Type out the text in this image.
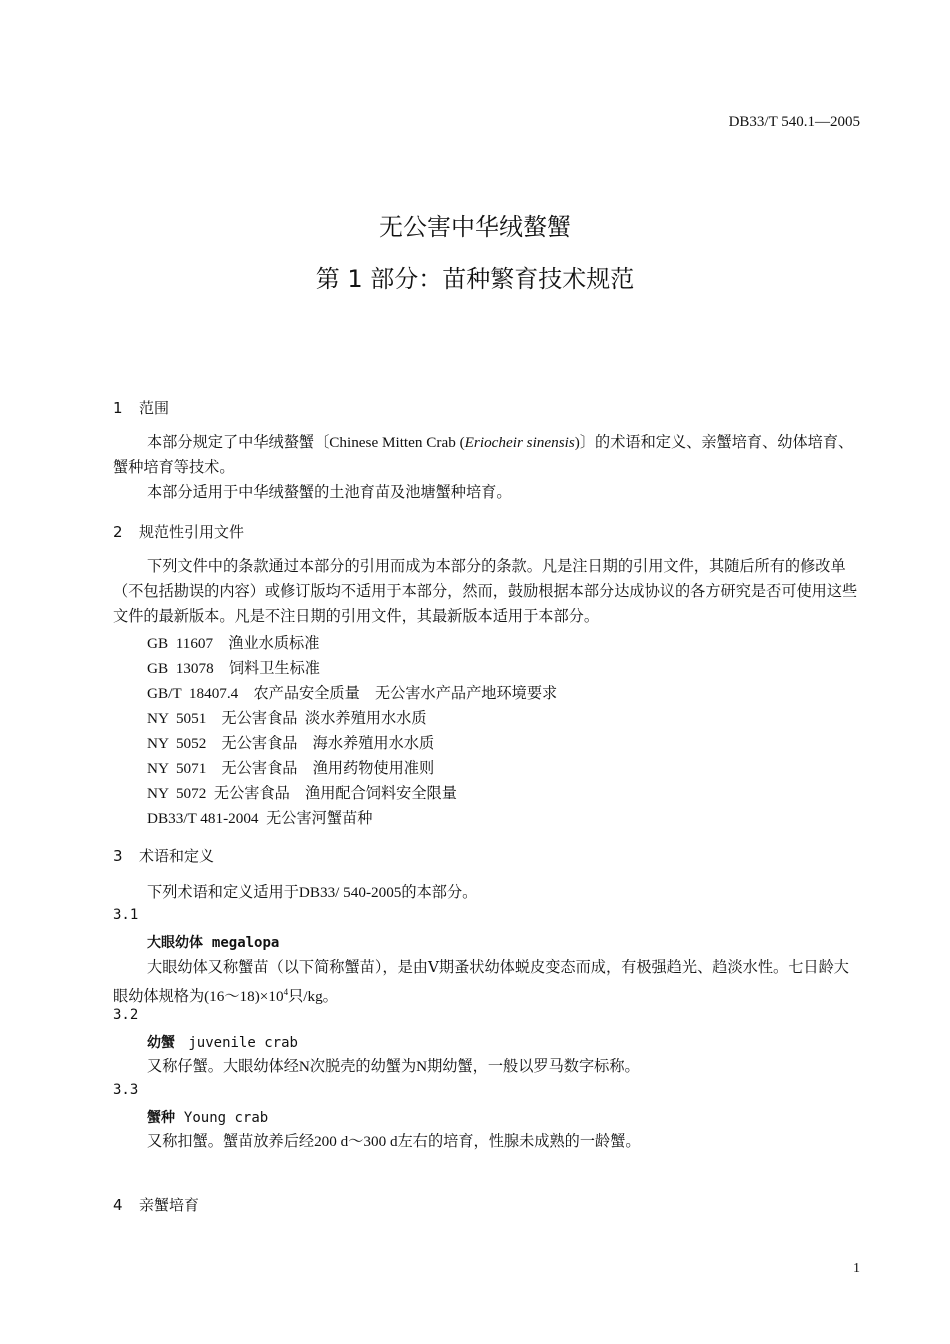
DB33/T 540.1—2005
无公害中华绒螯蟹
第 1 部分：苗种繁育技术规范
1 范围
本部分规定了中华绒螯蟹〔Chinese Mitten Crab (Eriocheir sinensis)〕的术语和定义、亲蟹培育、幼体培育、蟹种培育等技术。
本部分适用于中华绒螯蟹的土池育苗及池塘蟹种培育。
2 规范性引用文件
下列文件中的条款通过本部分的引用而成为本部分的条款。凡是注日期的引用文件，其随后所有的修改单（不包括勘误的内容）或修订版均不适用于本部分，然而，鼓励根据本部分达成协议的各方研究是否可使用这些文件的最新版本。凡是不注日期的引用文件，其最新版本适用于本部分。
GB  11607    渔业水质标准
GB  13078    饲料卫生标准
GB/T  18407.4    农产品安全质量    无公害水产品产地环境要求
NY  5051    无公害食品  淡水养殖用水水质
NY  5052    无公害食品    海水养殖用水水质
NY  5071    无公害食品    渔用药物使用准则
NY  5072  无公害食品    渔用配合饲料安全限量
DB33/T 481-2004  无公害河蟹苗种
3 术语和定义
下列术语和定义适用于DB33/ 540-2005的本部分。
3.1
大眼幼体 megalopa
大眼幼体又称蟹苗（以下简称蟹苗），是由Ⅴ期蚤状幼体蜕皮变态而成，有极强趋光、趋淡水性。七日龄大眼幼体规格为$(16\sim 18)\times 10^4$只/kg。
3.2
幼蟹 juvenile crab
又称仔蟹。大眼幼体经N次脱壳的幼蟹为N期幼蟹，一般以罗马数字标称。
3.3
蟹种 Young crab
又称扣蟹。蟹苗放养后经200 d～300 d左右的培育，性腺未成熟的一龄蟹。
4 亲蟹培育
1
